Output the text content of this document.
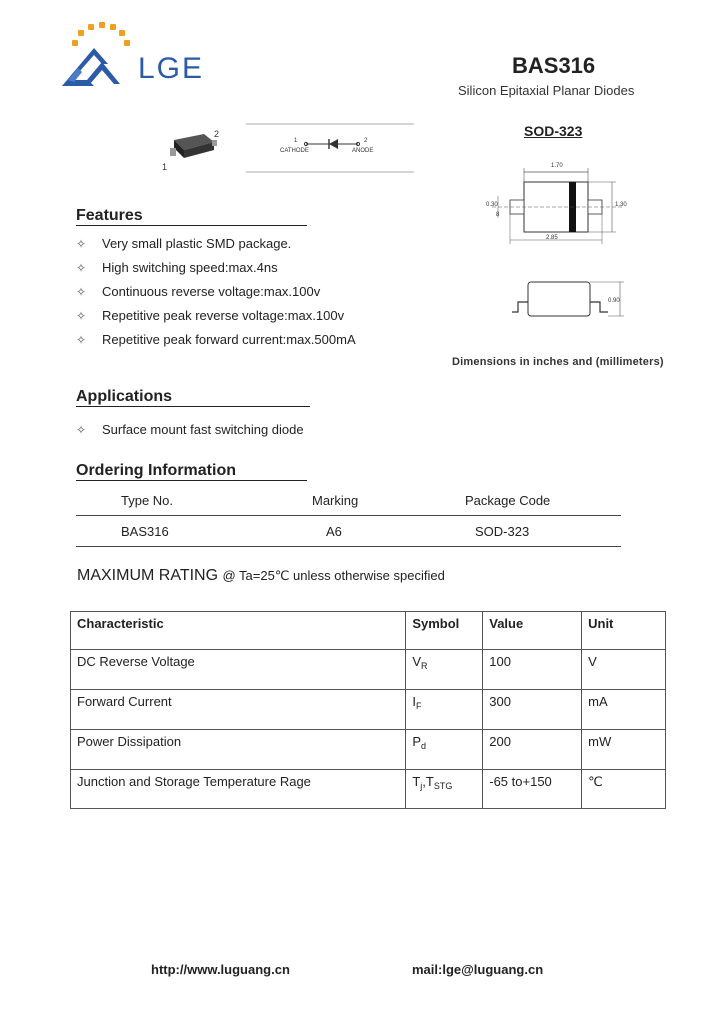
LGE	BAS316
Silicon Epitaxial Planar Diodes
2
1
1	2
CATHODE	ANODE
SOD-323
1.70
1.30
0.30
8
2.85
0.90
Dimensions in inches and (millimeters)
Features
✧	Very small plastic SMD package.
✧	High switching speed:max.4ns
✧	Continuous reverse voltage:max.100v
✧	Repetitive peak reverse voltage:max.100v
✧	Repetitive peak forward current:max.500mA
Applications
✧	Surface mount fast switching diode
Ordering Information
Type No.	Marking	Package Code
BAS316	A6	SOD-323
MAXIMUM RATING @ Ta=25℃ unless otherwise specified
Characteristic	Symbol	Value	Unit
DC Reverse Voltage	$V_R$	100	V
Forward Current	$I_F$	300	mA
Power Dissipation	$P_d$	200	mW
Junction and Storage Temperature Rage	$T_j,T_{STG}$	-65 to+150	℃
http://www.luguang.cn	mail:lge@luguang.cn
